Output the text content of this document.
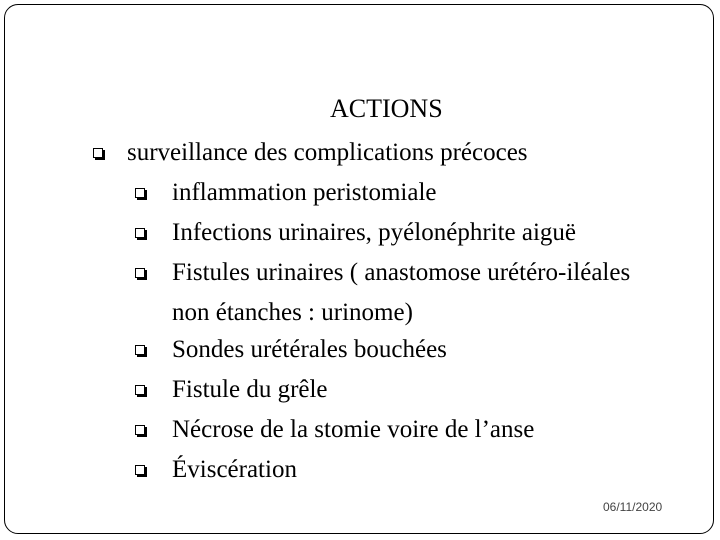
ACTIONS
surveillance des complications précoces
inflammation peristomiale
Infections urinaires, pyélonéphrite aiguë
Fistules urinaires ( anastomose urétéro-iléales
non étanches : urinome)
Sondes urétérales bouchées
Fistule du grêle
Nécrose de la stomie voire de l’anse
Éviscération
06/11/2020
